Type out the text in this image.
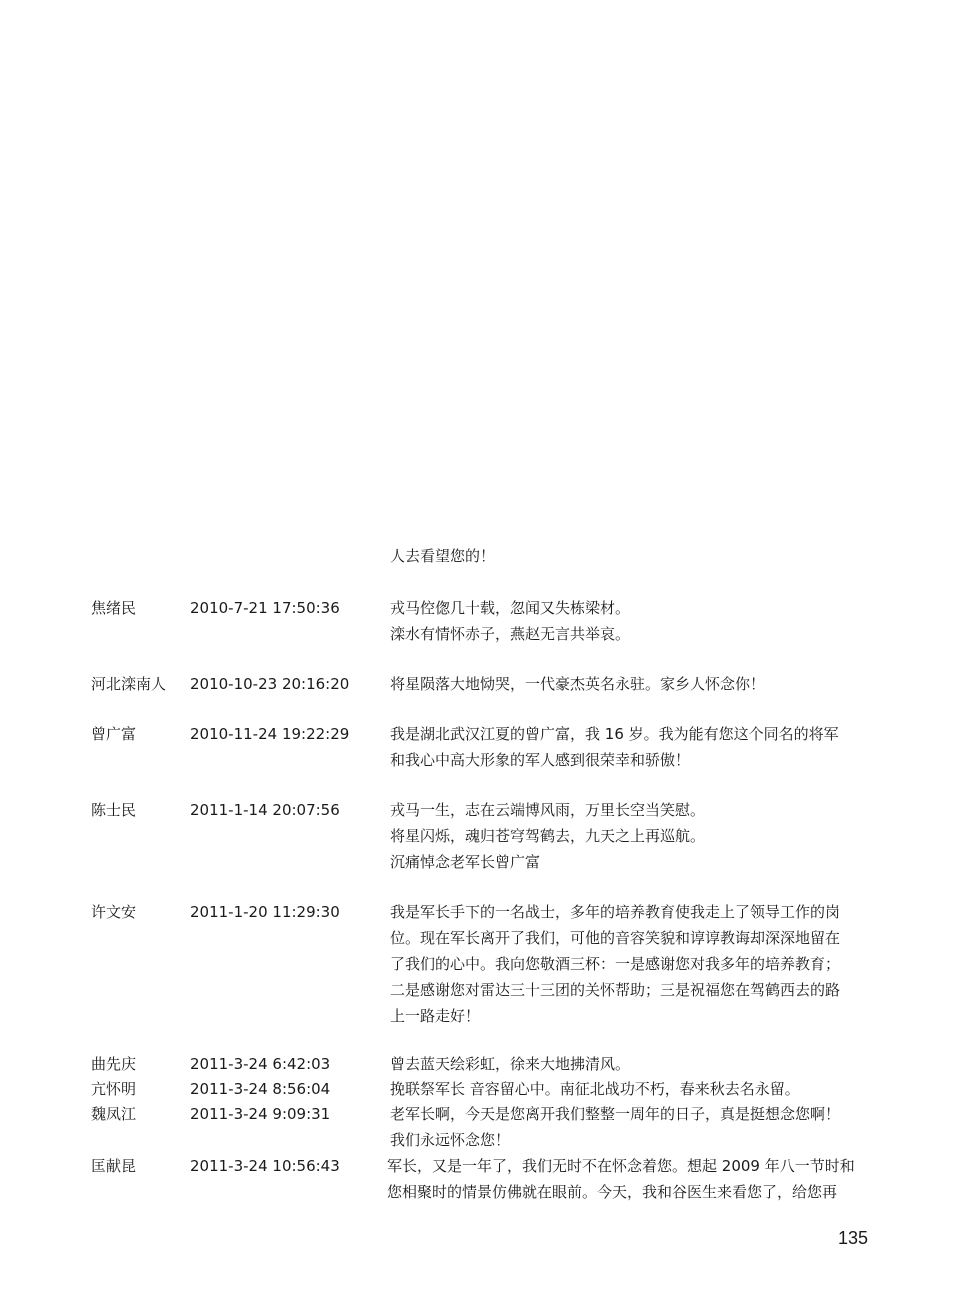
人去看望您的！

焦绪民	2010-7-21 17:50:36	戎马倥偬几十载，忽闻又失栋梁材。
滦水有情怀赤子，燕赵无言共举哀。

河北滦南人 2010-10-23 20:16:20	将星陨落大地恸哭，一代豪杰英名永驻。家乡人怀念你！

曾广富	2010-11-24 19:22:29	我是湖北武汉江夏的曾广富，我 16 岁。我为能有您这个同名的将军
和我心中高大形象的军人感到很荣幸和骄傲！

陈士民	2011-1-14 20:07:56	戎马一生，志在云端博风雨，万里长空当笑慰。
将星闪烁，魂归苍穹驾鹤去，九天之上再巡航。
沉痛悼念老军长曾广富

许文安	2011-1-20 11:29:30	我是军长手下的一名战士，多年的培养教育使我走上了领导工作的岗
位。现在军长离开了我们，可他的音容笑貌和谆谆教诲却深深地留在
了我们的心中。我向您敬酒三杯：一是感谢您对我多年的培养教育；
二是感谢您对雷达三十三团的关怀帮助；三是祝福您在驾鹤西去的路
上一路走好！

曲先庆	2011-3-24 6:42:03	曾去蓝天绘彩虹，徐来大地拂清风。

亢怀明	2011-3-24 8:56:04	挽联祭军长 音容留心中。南征北战功不朽，春来秋去名永留。

魏凤江	2011-3-24 9:09:31	老军长啊，今天是您离开我们整整一周年的日子，真是挺想念您啊！
我们永远怀念您！

匡献昆	2011-3-24 10:56:43	军长，又是一年了，我们无时不在怀念着您。想起 2009 年八一节时和
您相聚时的情景仿佛就在眼前。今天，我和谷医生来看您了，给您再

135
